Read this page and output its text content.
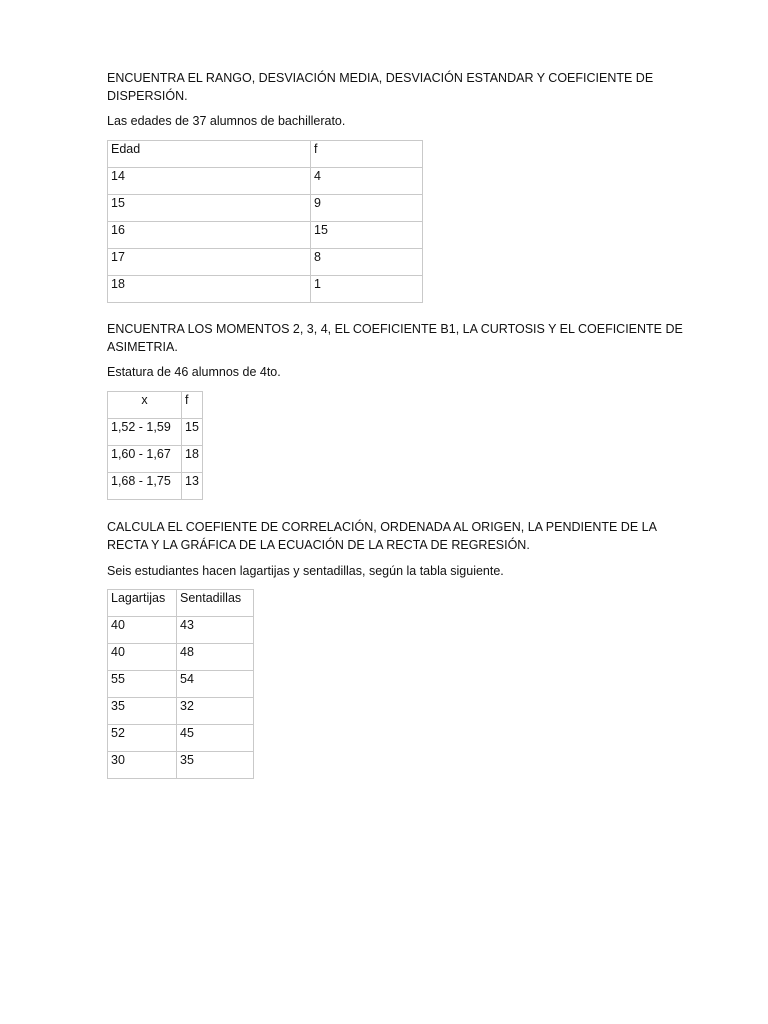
ENCUENTRA EL RANGO, DESVIACIÓN MEDIA, DESVIACIÓN ESTANDAR Y COEFICIENTE DE DISPERSIÓN.

Las edades de 37 alumnos de bachillerato.

Edad	f
14	4
15	9
16	15
17	8
18	1

ENCUENTRA LOS MOMENTOS 2, 3, 4, EL COEFICIENTE B1, LA CURTOSIS Y EL COEFICIENTE DE ASIMETRIA.

Estatura de 46 alumnos de 4to.

x	f
1,52 - 1,59	15
1,60 - 1,67	18
1,68 - 1,75	13

CALCULA EL COEFIENTE DE CORRELACIÓN, ORDENADA AL ORIGEN, LA PENDIENTE DE LA RECTA Y LA GRÁFICA DE LA ECUACIÓN DE LA RECTA DE REGRESIÓN.

Seis estudiantes hacen lagartijas y sentadillas, según la tabla siguiente.

Lagartijas	Sentadillas
40	43
40	48
55	54
35	32
52	45
30	35
